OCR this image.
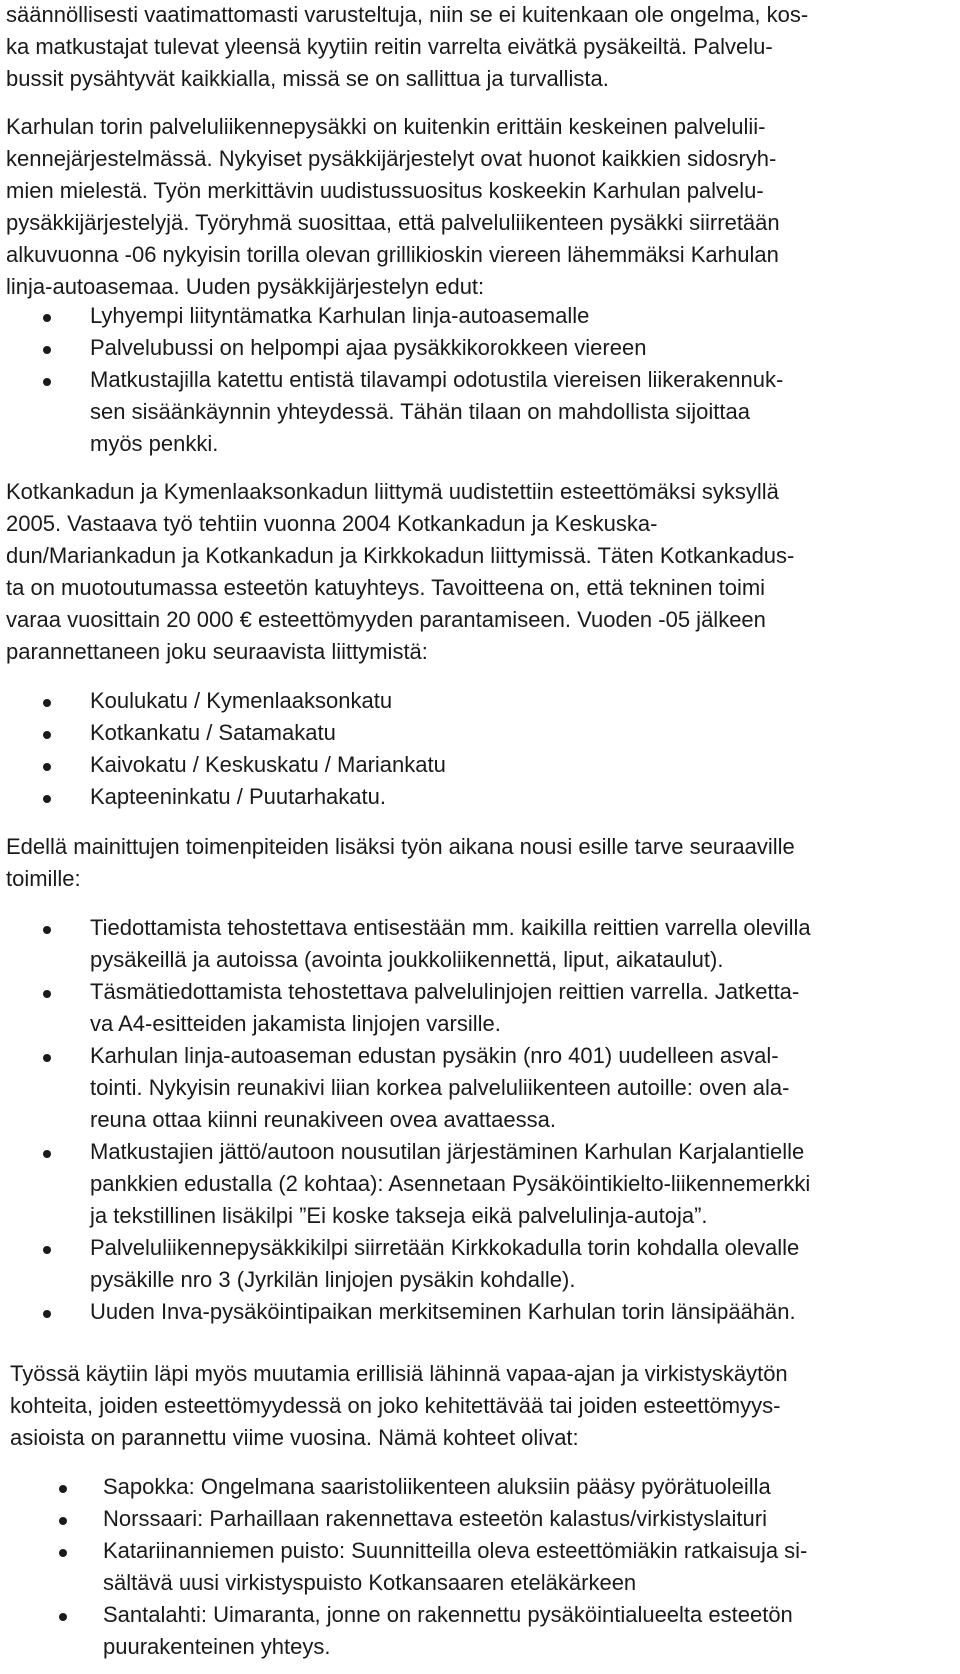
säännöllisesti vaatimattomasti varusteltuja, niin se ei kuitenkaan ole ongelma, kos-
ka matkustajat tulevat yleensä kyytiin reitin varrelta eivätkä pysäkeiltä. Palvelu-
bussit pysähtyvät kaikkialla, missä se on sallittua ja turvallista.
Karhulan torin palveluliikennepysäkki on kuitenkin erittäin keskeinen palvelulii-
kennejärjestelmässä. Nykyiset pysäkkijärjestelyt ovat huonot kaikkien sidosryh-
mien mielestä. Työn merkittävin uudistussuositus koskeekin Karhulan palvelu-
pysäkkijärjestelyjä. Työryhmä suosittaa, että palveluliikenteen pysäkki siirretään
alkuvuonna -06 nykyisin torilla olevan grillikioskin viereen lähemmäksi Karhulan
linja-autoasemaa. Uuden pysäkkijärjestelyn edut:
Lyhyempi liityntämatka Karhulan linja-autoasemalle
Palvelubussi on helpompi ajaa pysäkkikorokkeen viereen
Matkustajilla katettu entistä tilavampi odotustila viereisen liikerakennuk-
sen sisäänkäynnin yhteydessä. Tähän tilaan on mahdollista sijoittaa
myös penkki.
Kotkankadun ja Kymenlaaksonkadun liittymä uudistettiin esteettömäksi syksyllä
2005. Vastaava työ tehtiin vuonna 2004 Kotkankadun ja Keskuska-
dun/Mariankadun ja Kotkankadun ja Kirkkokadun liittymissä. Täten Kotkankadus-
ta on muotoutumassa esteetön katuyhteys. Tavoitteena on, että tekninen toimi
varaa vuosittain 20 000 € esteettömyyden parantamiseen. Vuoden -05 jälkeen
parannettaneen joku seuraavista liittymistä:
Koulukatu / Kymenlaaksonkatu
Kotkankatu / Satamakatu
Kaivokatu / Keskuskatu / Mariankatu
Kapteeninkatu / Puutarhakatu.
Edellä mainittujen toimenpiteiden lisäksi työn aikana nousi esille tarve seuraaville
toimille:
Tiedottamista tehostettava entisestään mm. kaikilla reittien varrella olevilla
pysäkeillä ja autoissa (avointa joukkoliikennettä, liput, aikataulut).
Täsmätiedottamista tehostettava palvelulinjojen reittien varrella. Jatketta-
va A4-esitteiden jakamista linjojen varsille.
Karhulan linja-autoaseman edustan pysäkin (nro 401) uudelleen asval-
tointi. Nykyisin reunakivi liian korkea palveluliikenteen autoille: oven ala-
reuna ottaa kiinni reunakiveen ovea avattaessa.
Matkustajien jättö/autoon nousutilan järjestäminen Karhulan Karjalantielle
pankkien edustalla (2 kohtaa): Asennetaan Pysäköintikielto-liikennemerkki
ja tekstillinen lisäkilpi ”Ei koske takseja eikä palvelulinja-autoja”.
Palveluliikennepysäkkikilpi siirretään Kirkkokadulla torin kohdalla olevalle
pysäkille nro 3 (Jyrkilän linjojen pysäkin kohdalle).
Uuden Inva-pysäköintipaikan merkitseminen Karhulan torin länsipäähän.
Työssä käytiin läpi myös muutamia erillisiä lähinnä vapaa-ajan ja virkistyskäytön
kohteita, joiden esteettömyydessä on joko kehitettävää tai joiden esteettömyys-
asioista on parannettu viime vuosina. Nämä kohteet olivat:
Sapokka: Ongelmana saaristoliikenteen aluksiin pääsy pyörätuoleilla
Norssaari: Parhaillaan rakennettava esteetön kalastus/virkistyslaituri
Katariinanniemen puisto: Suunnitteilla oleva esteettömiäkin ratkaisuja si-
sältävä uusi virkistyspuisto Kotkansaaren eteläkärkeen
Santalahti: Uimaranta, jonne on rakennettu pysäköintialueelta esteetön
puurakenteinen yhteys.
